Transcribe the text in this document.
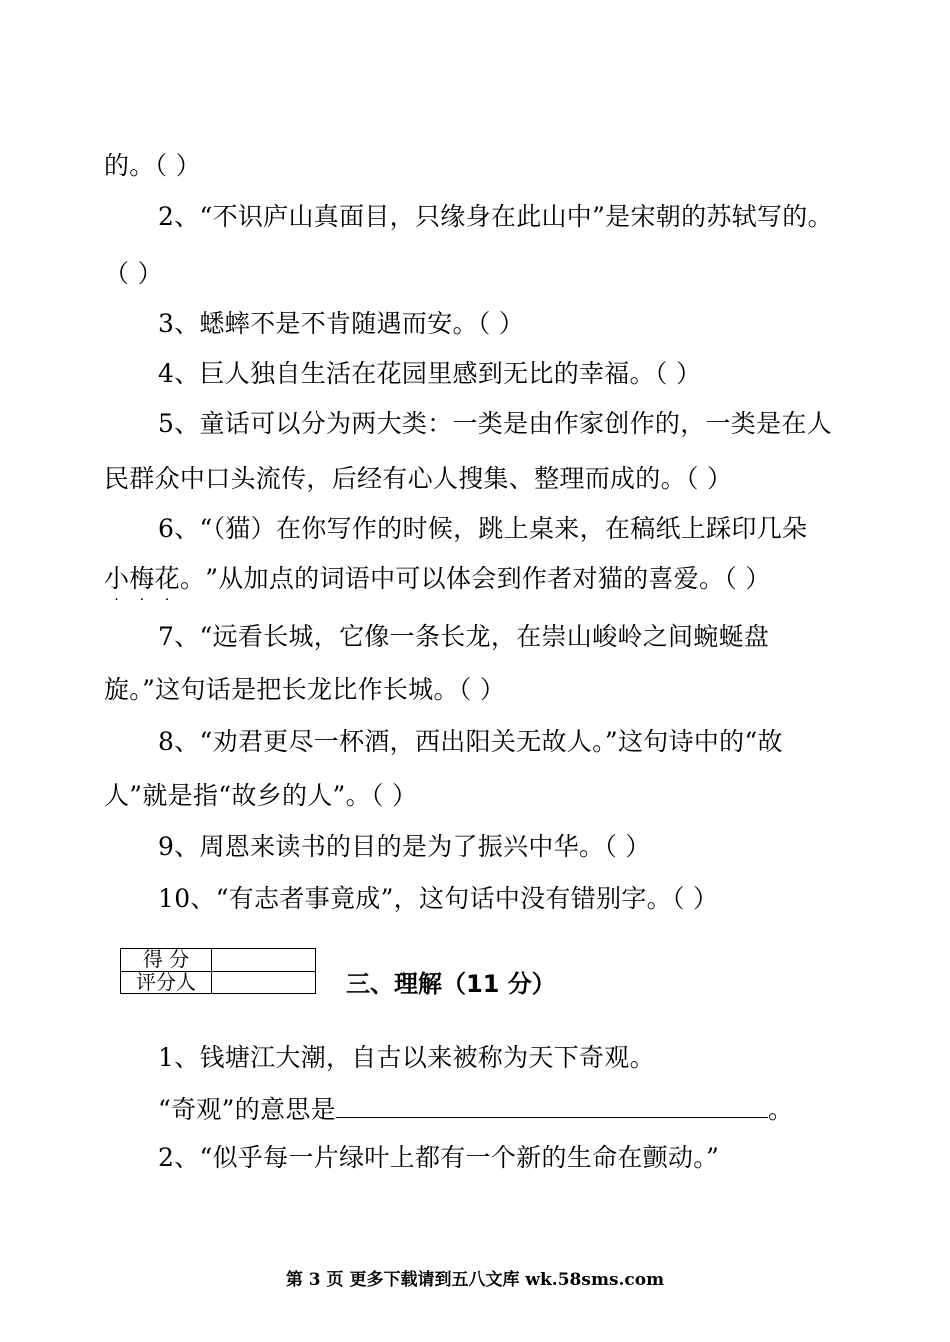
的。（ ）
2、“不识庐山真面目，只缘身在此山中”是宋朝的苏轼写的。
（ ）
3、蟋蟀不是不肯随遇而安。（ ）
4、巨人独自生活在花园里感到无比的幸福。（ ）
5、童话可以分为两大类：一类是由作家创作的，一类是在人
民群众中口头流传，后经有心人搜集、整理而成的。（ ）
6、“（猫）在你写作的时候，跳上桌来，在稿纸上踩印几朵
小梅花。
· · ·
”从加点的词语中可以体会到作者对猫的喜爱。（ ）
7、“远看长城，它像一条长龙，在崇山峻岭之间蜿蜒盘
旋。”这句话是把长龙比作长城。（ ）
8、“劝君更尽一杯酒，西出阳关无故人。”这句诗中的“故
人”就是指“故乡的人”。（ ）
9、周恩来读书的目的是为了振兴中华。（ ）
10、“有志者事竟成”，这句话中没有错别字。（ ）
得 分	
评分人		三、理解（11 分）
1、钱塘江大潮，自古以来被称为天下奇观。
“奇观”的意思是	。
2、“似乎每一片绿叶上都有一个新的生命在颤动。”
第 3 页 更多下载请到五八文库 wk.58sms.com
